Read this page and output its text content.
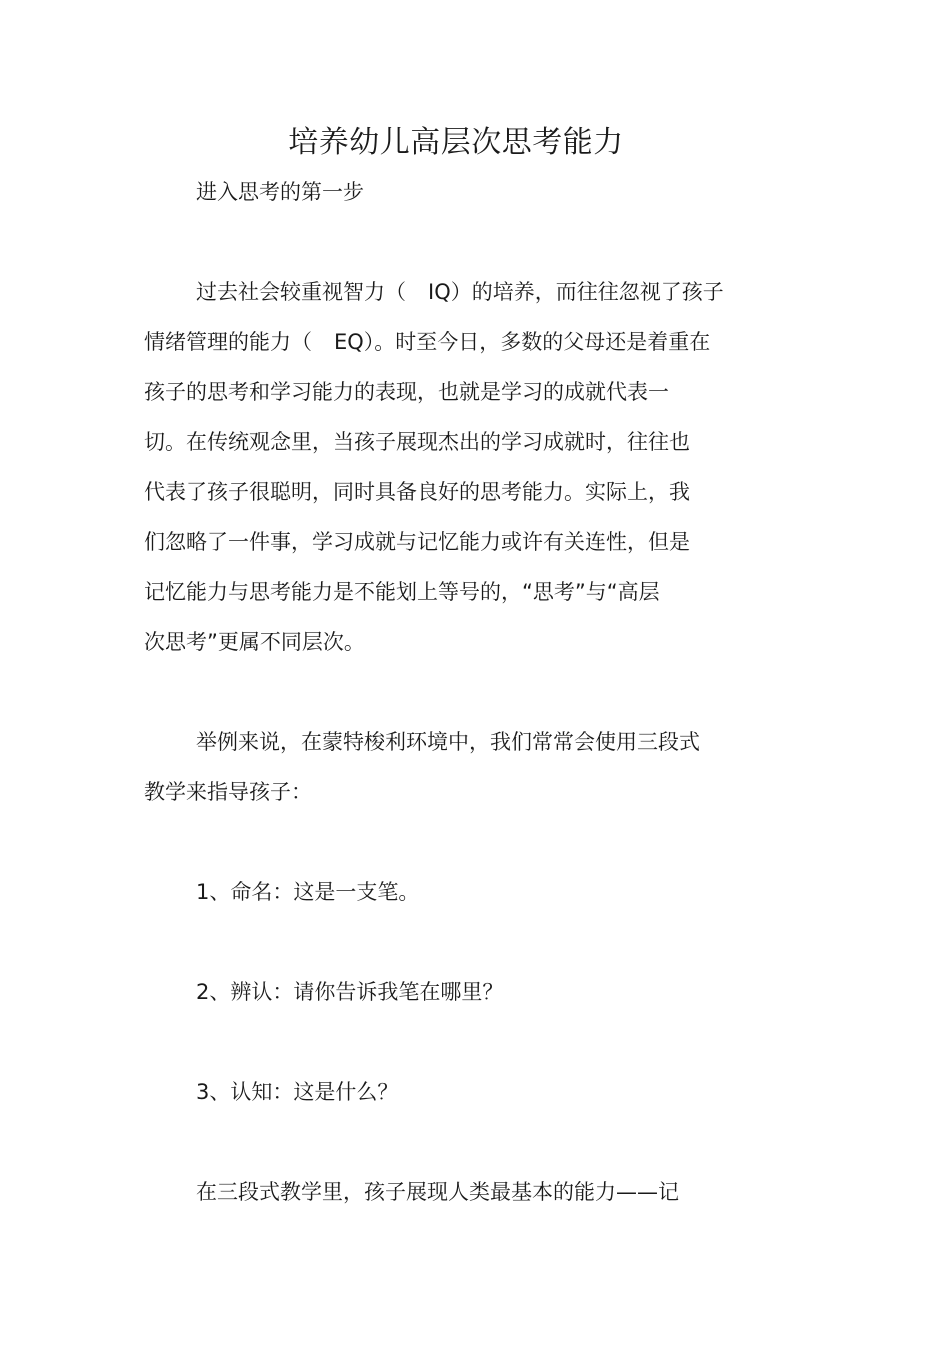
培养幼儿高层次思考能力
进入思考的第一步
过去社会较重视智力（ IQ）的培养，而往往忽视了孩子
情绪管理的能力（ EQ）。时至今日，多数的父母还是着重在
孩子的思考和学习能力的表现，也就是学习的成就代表一
切。在传统观念里，当孩子展现杰出的学习成就时，往往也
代表了孩子很聪明，同时具备良好的思考能力。实际上，我
们忽略了一件事，学习成就与记忆能力或许有关连性，但是
记忆能力与思考能力是不能划上等号的，“思考”与“高层
次思考”更属不同层次。
举例来说，在蒙特梭利环境中，我们常常会使用三段式
教学来指导孩子：
1、命名：这是一支笔。
2、辨认：请你告诉我笔在哪里？
3、认知：这是什么？
在三段式教学里，孩子展现人类最基本的能力——记
